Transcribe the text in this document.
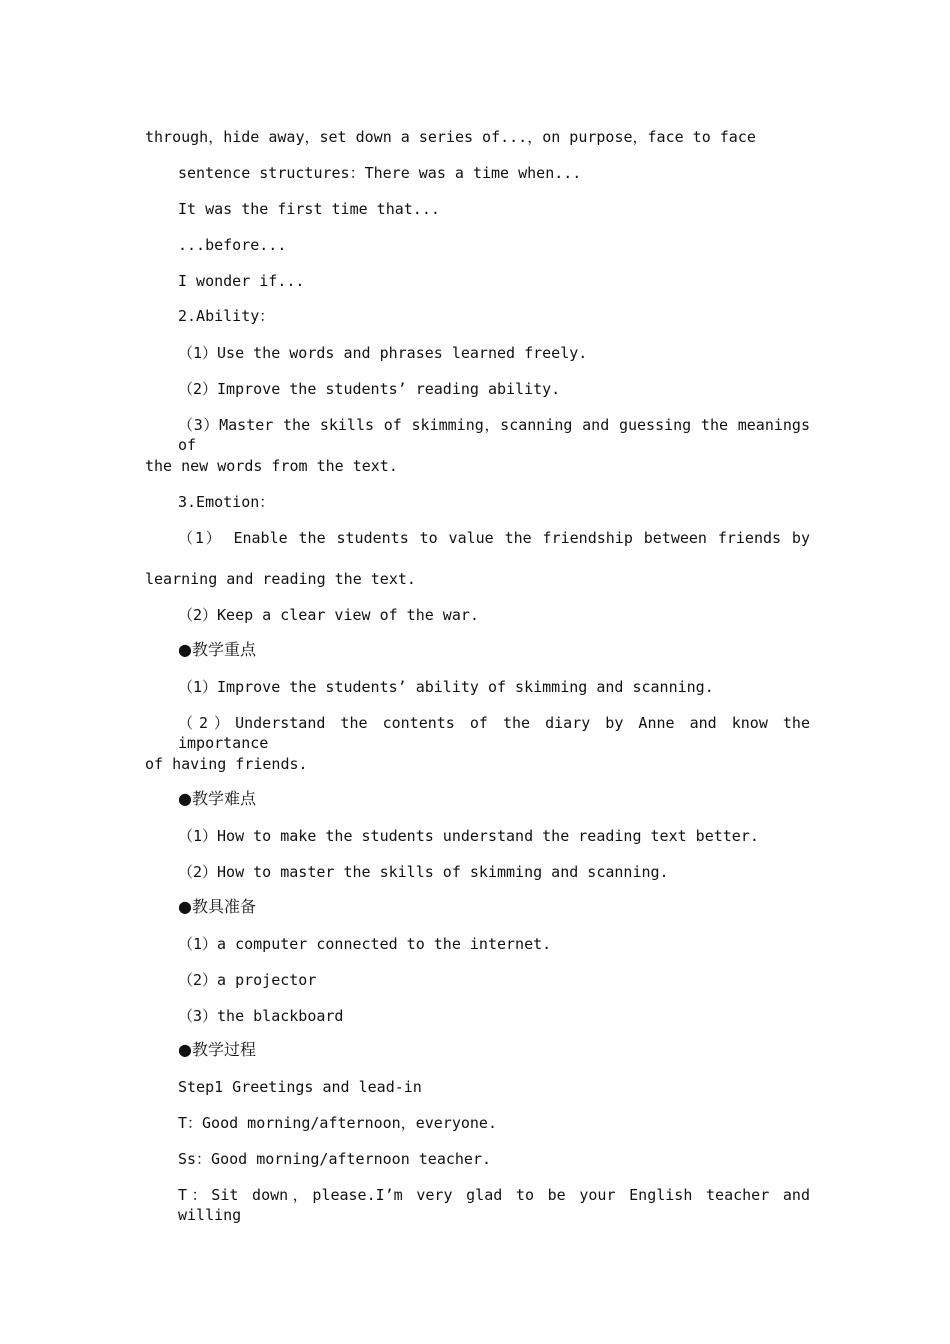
through，hide away，set down a series of...，on purpose，face to face
sentence structures：There was a time when...
It was the first time that...
...before...
I wonder if...
2.Ability：
（1）Use the words and phrases learned freely.
（2）Improve the students’ reading ability.
（3）Master the skills of skimming，scanning and guessing the meanings of
the new words from the text.
3.Emotion：
（1） Enable the students to value the friendship between friends by
learning and reading the text.
（2）Keep a clear view of the war.
●教学重点
（1）Improve the students’ ability of skimming and scanning.
（2）Understand the contents of the diary by Anne and know the importance
of having friends.
●教学难点
（1）How to make the students understand the reading text better.
（2）How to master the skills of skimming and scanning.
●教具准备
（1）a computer connected to the internet.
（2）a projector
（3）the blackboard
●教学过程
Step1 Greetings and lead-in
T：Good morning/afternoon，everyone.
Ss：Good morning/afternoon teacher.
T：Sit down，please.I’m very glad to be your English teacher and willing
